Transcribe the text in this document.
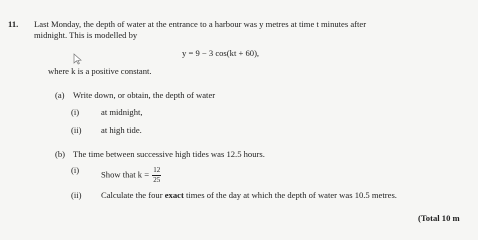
11. Last Monday, the depth of water at the entrance to a harbour was y metres at time t minutes after
midnight. This is modelled by
y = 9 − 3 cos(kt + 60),
where k is a positive constant.
(a) Write down, or obtain, the depth of water
(i)	at midnight,
(ii) at high tide.
(b) The time between successive high tides was 12.5 hours.
(i)	Show that $k = \frac{12}{25}$
(ii) Calculate the four exact times of the day at which the depth of water was 10.5 metres.
(Total 10 m
